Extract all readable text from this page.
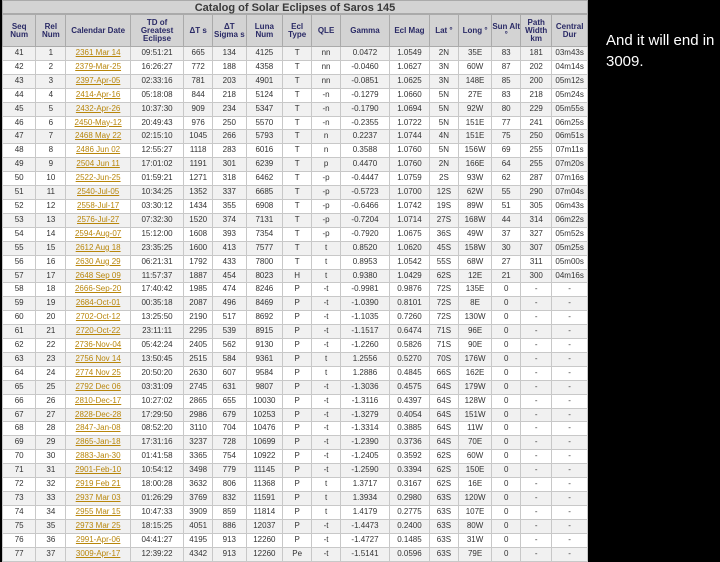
Catalog of Solar Eclipses of Saros 145
Seq Num	Rel Num	Calendar Date	TD of Greatest Eclipse	ΔT s	ΔT Sigma s	Luna Num	Ecl Type	QLE	Gamma	Ecl Mag	Lat °	Long °	Sun Alt °	Path Width km	Central Dur
41	1	2361 Mar 14	09:51:21	665	134	4125	T	nn	0.0472	1.0549	2N	35E	83	181	03m43s
42	2	2379-Mar-25	16:26:27	772	188	4358	T	nn	-0.0460	1.0627	3N	60W	87	202	04m14s
43	3	2397-Apr-05	02:33:16	781	203	4901	T	nn	-0.0851	1.0625	3N	148E	85	200	05m12s
44	4	2414-Apr-16	05:18:08	844	218	5124	T	-n	-0.1279	1.0660	5N	27E	83	218	05m24s
45	5	2432-Apr-26	10:37:30	909	234	5347	T	-n	-0.1790	1.0694	5N	92W	80	229	05m55s
46	6	2450-May-12	20:49:43	976	250	5570	T	-n	-0.2355	1.0722	5N	151E	77	241	06m25s
47	7	2468 May 22	02:15:10	1045	266	5793	T	n	0.2237	1.0744	4N	151E	75	250	06m51s
48	8	2486 Jun 02	12:55:27	1118	283	6016	T	n	0.3588	1.0760	5N	156W	69	255	07m11s
49	9	2504 Jun 11	17:01:02	1191	301	6239	T	p	0.4470	1.0760	2N	166E	64	255	07m20s
50	10	2522-Jun-25	01:59:21	1271	318	6462	T	-p	-0.4447	1.0759	2S	93W	62	287	07m16s
51	11	2540-Jul-05	10:34:25	1352	337	6685	T	-p	-0.5723	1.0700	12S	62W	55	290	07m04s
52	12	2558-Jul-17	03:30:12	1434	355	6908	T	-p	-0.6466	1.0742	19S	89W	51	305	06m43s
53	13	2576-Jul-27	07:32:30	1520	374	7131	T	-p	-0.7204	1.0714	27S	168W	44	314	06m22s
54	14	2594-Aug-07	15:12:00	1608	393	7354	T	-p	-0.7920	1.0675	36S	49W	37	327	05m52s
55	15	2612 Aug 18	23:35:25	1600	413	7577	T	t	0.8520	1.0620	45S	158W	30	307	05m25s
56	16	2630 Aug 29	06:21:31	1792	433	7800	T	t	0.8953	1.0542	55S	68W	27	311	05m00s
57	17	2648 Sep 09	11:57:37	1887	454	8023	H	t	0.9380	1.0429	62S	12E	21	300	04m16s
58	18	2666-Sep-20	17:40:42	1985	474	8246	P	-t	-0.9981	0.9876	72S	135E	0	-	-
59	19	2684-Oct-01	00:35:18	2087	496	8469	P	-t	-1.0390	0.8101	72S	8E	0	-	-
60	20	2702-Oct-12	13:25:50	2190	517	8692	P	-t	-1.1035	0.7260	72S	130W	0	-	-
61	21	2720-Oct-22	23:11:11	2295	539	8915	P	-t	-1.1517	0.6474	71S	96E	0	-	-
62	22	2736-Nov-04	05:42:24	2405	562	9130	P	-t	-1.2260	0.5826	71S	90E	0	-	-
63	23	2756 Nov 14	13:50:45	2515	584	9361	P	t	1.2556	0.5270	70S	176W	0	-	-
64	24	2774 Nov 25	20:50:20	2630	607	9584	P	t	1.2886	0.4845	66S	162E	0	-	-
65	25	2792 Dec 06	03:31:09	2745	631	9807	P	-t	-1.3036	0.4575	64S	179W	0	-	-
66	26	2810-Dec-17	10:27:02	2865	655	10030	P	-t	-1.3116	0.4397	64S	128W	0	-	-
67	27	2828-Dec-28	17:29:50	2986	679	10253	P	-t	-1.3279	0.4054	64S	151W	0	-	-
68	28	2847-Jan-08	08:52:20	3110	704	10476	P	-t	-1.3314	0.3885	64S	11W	0	-	-
69	29	2865-Jan-18	17:31:16	3237	728	10699	P	-t	-1.2390	0.3736	64S	70E	0	-	-
70	30	2883-Jan-30	01:41:58	3365	754	10922	P	-t	-1.2405	0.3592	62S	60W	0	-	-
71	31	2901-Feb-10	10:54:12	3498	779	11145	P	-t	-1.2590	0.3394	62S	150E	0	-	-
72	32	2919 Feb 21	18:00:28	3632	806	11368	P	t	1.3717	0.3167	62S	16E	0	-	-
73	33	2937 Mar 03	01:26:29	3769	832	11591	P	t	1.3934	0.2980	63S	120W	0	-	-
74	34	2955 Mar 15	10:47:33	3909	859	11814	P	t	1.4179	0.2775	63S	107E	0	-	-
75	35	2973 Mar 25	18:15:25	4051	886	12037	P	-t	-1.4473	0.2400	63S	80W	0	-	-
76	36	2991-Apr-06	04:41:27	4195	913	12260	P	-t	-1.4727	0.1485	63S	31W	0	-	-
77	37	3009-Apr-17	12:39:22	4342	913	12260	Pe	-t	-1.5141	0.0596	63S	79E	0	-	-
And it will end in 3009.
